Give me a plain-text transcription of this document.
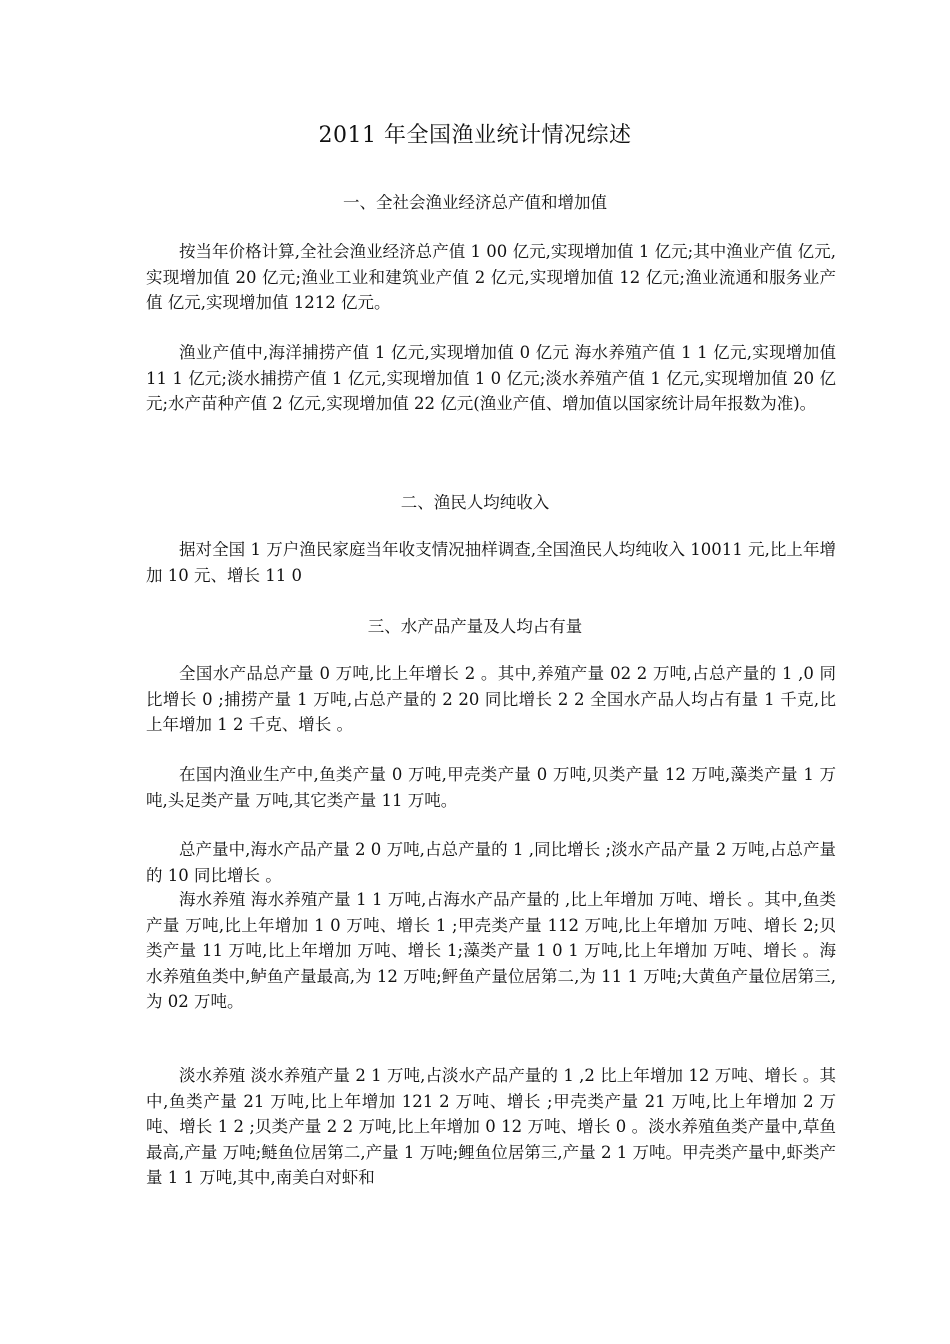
2011 年全国渔业统计情况综述
一、全社会渔业经济总产值和增加值

按当年价格计算,全社会渔业经济总产值 1 00 亿元,实现增加值 1 亿元;其中渔业产值 亿元,实现增加值 20 亿元;渔业工业和建筑业产值 2 亿元,实现增加值 12 亿元;渔业流通和服务业产值 亿元,实现增加值 1212 亿元。

渔业产值中,海洋捕捞产值 1 亿元,实现增加值 0 亿元 海水养殖产值 1 1 亿元,实现增加值 11 1 亿元;淡水捕捞产值 1 亿元,实现增加值 1 0 亿元;淡水养殖产值 1 亿元,实现增加值 20 亿元;水产苗种产值 2 亿元,实现增加值 22 亿元(渔业产值、增加值以国家统计局年报数为准)。

二、渔民人均纯收入

据对全国 1 万户渔民家庭当年收支情况抽样调查,全国渔民人均纯收入 10011 元,比上年增加 10 元、增长 11 0

三、水产品产量及人均占有量

全国水产品总产量 0 万吨,比上年增长 2 。其中,养殖产量 02 2 万吨,占总产量的 1 ,0 同比增长 0 ;捕捞产量 1 万吨,占总产量的 2 20 同比增长 2 2 全国水产品人均占有量 1 千克,比上年增加 1 2 千克、增长 。

在国内渔业生产中,鱼类产量 0 万吨,甲壳类产量 0 万吨,贝类产量 12 万吨,藻类产量 1 万吨,头足类产量 万吨,其它类产量 11 万吨。

总产量中,海水产品产量 2 0 万吨,占总产量的 1 ,同比增长 ;淡水产品产量 2 万吨,占总产量的 10 同比增长 。

海水养殖 海水养殖产量 1 1 万吨,占海水产品产量的 ,比上年增加 万吨、增长 。其中,鱼类产量 万吨,比上年增加 1 0 万吨、增长 1 ;甲壳类产量 112 万吨,比上年增加 万吨、增长 2;贝类产量 11 万吨,比上年增加 万吨、增长 1;藻类产量 1 0 1 万吨,比上年增加 万吨、增长 。海水养殖鱼类中,鲈鱼产量最高,为 12 万吨;鲆鱼产量位居第二,为 11 1 万吨;大黄鱼产量位居第三,为 02 万吨。

淡水养殖 淡水养殖产量 2 1 万吨,占淡水产品产量的 1 ,2 比上年增加 12 万吨、增长 。其中,鱼类产量 21 万吨,比上年增加 121 2 万吨、增长 ;甲壳类产量 21 万吨,比上年增加 2 万吨、增长 1 2 ;贝类产量 2 2 万吨,比上年增加 0 12 万吨、增长 0 。淡水养殖鱼类产量中,草鱼最高,产量 万吨;鲢鱼位居第二,产量 1 万吨;鲤鱼位居第三,产量 2 1 万吨。甲壳类产量中,虾类产量 1 1 万吨,其中,南美白对虾和
